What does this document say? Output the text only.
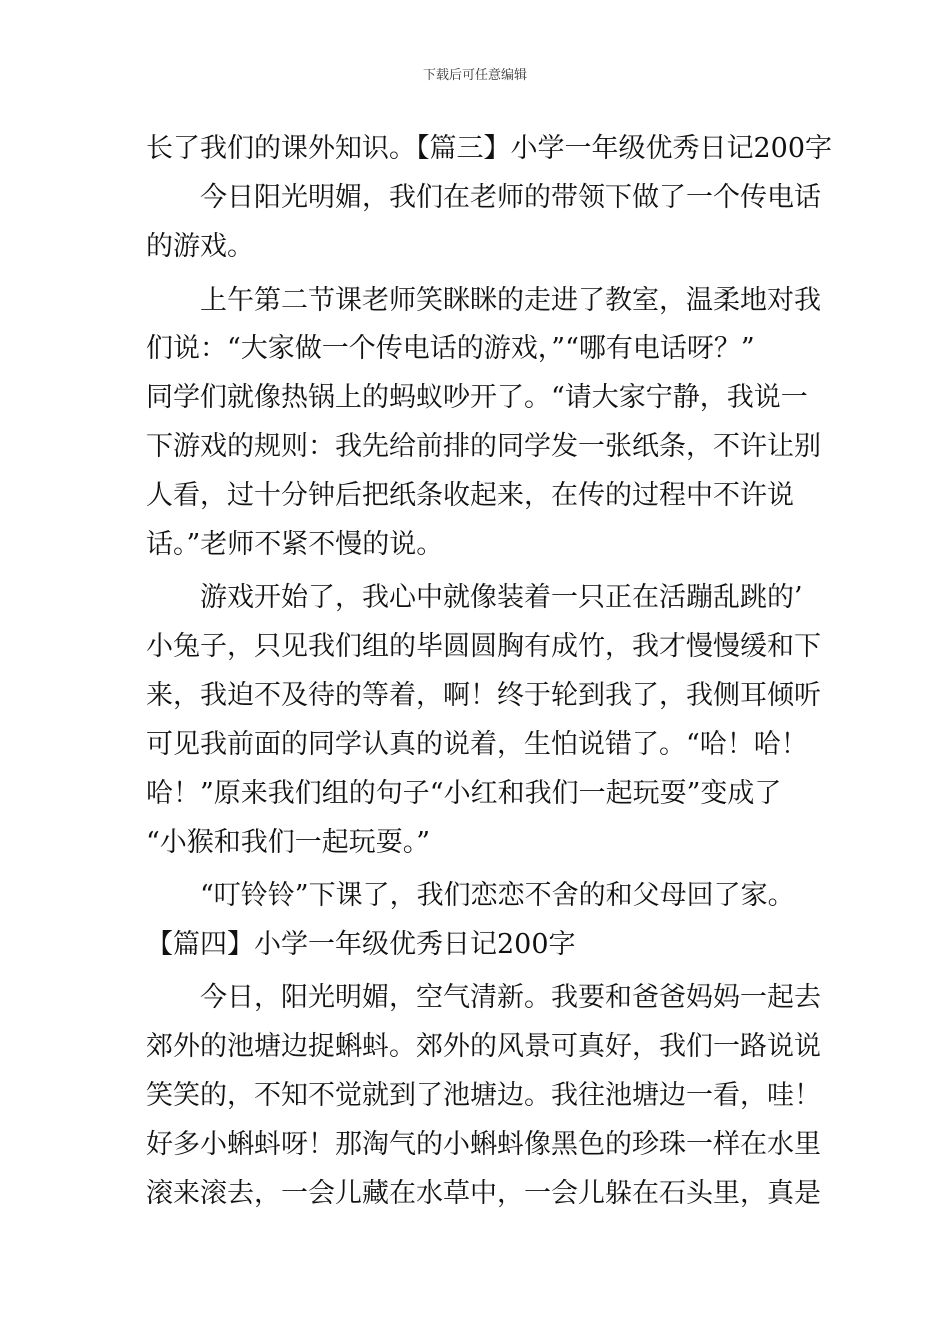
下载后可任意编辑
长了我们的课外知识。【篇三】小学一年级优秀日记200字
　　今日阳光明媚，我们在老师的带领下做了一个传电话
的游戏。
　　上午第二节课老师笑眯眯的走进了教室，温柔地对我
们说：“大家做一个传电话的游戏，”“哪有电话呀？”
同学们就像热锅上的蚂蚁吵开了。“请大家宁静，我说一
下游戏的规则：我先给前排的同学发一张纸条，不许让别
人看，过十分钟后把纸条收起来，在传的过程中不许说
话。”老师不紧不慢的说。
　　游戏开始了，我心中就像装着一只正在活蹦乱跳的’
小兔子，只见我们组的毕圆圆胸有成竹，我才慢慢缓和下
来，我迫不及待的等着，啊！终于轮到我了，我侧耳倾听
可见我前面的同学认真的说着，生怕说错了。“哈！哈！
哈！”原来我们组的句子“小红和我们一起玩耍”变成了
“小猴和我们一起玩耍。”
　　“叮铃铃”下课了，我们恋恋不舍的和父母回了家。
【篇四】小学一年级优秀日记200字
　　今日，阳光明媚，空气清新。我要和爸爸妈妈一起去
郊外的池塘边捉蝌蚪。郊外的风景可真好，我们一路说说
笑笑的，不知不觉就到了池塘边。我往池塘边一看，哇！
好多小蝌蚪呀！那淘气的小蝌蚪像黑色的珍珠一样在水里
滚来滚去，一会儿藏在水草中，一会儿躲在石头里，真是
